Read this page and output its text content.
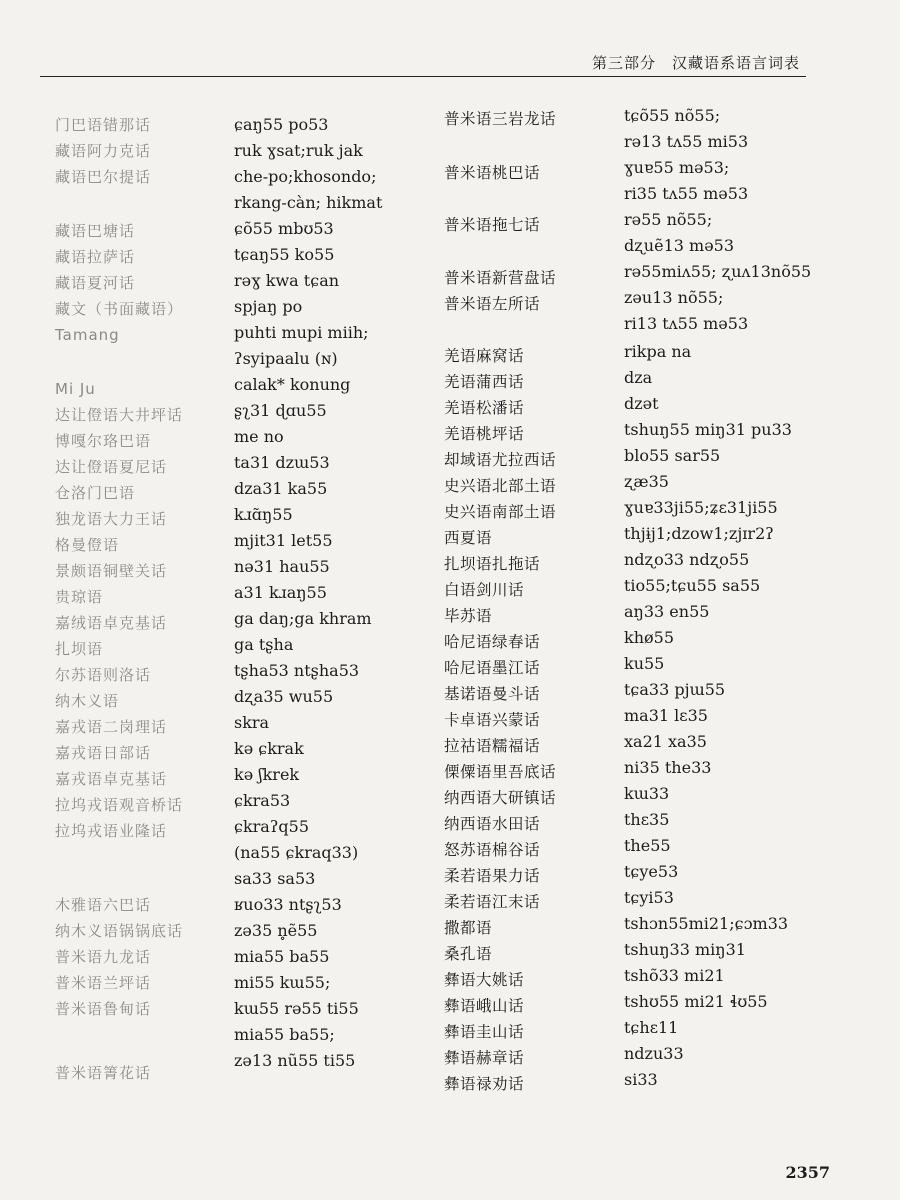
第三部分　汉藏语系语言词表
门巴语错那话
藏语阿力克话
藏语巴尔提话
藏语巴塘话
藏语拉萨话
藏语夏河话
藏文（书面藏语）
Tamang
Mi Ju
达让僜语大井坪话
博嘎尔珞巴语
达让僜语夏尼话
仓洛门巴语
独龙语大力王话
格曼僜语
景颇语铜壁关话
贵琼语
嘉绒语卓克基话
扎坝语
尔苏语则洛话
纳木义语
嘉戎语二岗理话
嘉戎语日部话
嘉戎语卓克基话
拉坞戎语观音桥话
拉坞戎语业隆话
木雅语六巴话
纳木义语锅锅底话
普米语九龙话
普米语兰坪话
普米语鲁甸话
普米语箐花话
ɕaŋ55 po53
ruk ɣsat;ruk jak
che-po;khosondo;
rkang-càn; hikmat
ɕõ55 mbʊ53
tɕaŋ55 ko55
rəɣ kwa tɕan
spjaŋ po
puhti mupi miih;
ʔsyipaalu (ɴ)
calak* konung
ʂʅ31 ɖɑu55
me no
ta31 dzɯ53
dza31 ka55
kɹɑ̃ŋ55
mjit31 let55
nə31 hau55
a31 kɹaŋ55
ga daŋ;ga khram
ga tʂha
tʂha53 ntʂha53
dʐa35 wu55
skra
kə ɕkrak
kə ʃkrek
ɕkra53
ɕkraʔq55
(na55 ɕkraq33)
sa33 sa53
ʁuo33 ntʂʅ53
zə35 n̥ẽ55
mia55 ba55
mi55 kɯ55;
kɯ55 rə55 ti55
mia55 ba55;
zə13 nũ55 ti55
普米语三岩龙话
普米语桃巴话
普米语拖七话
普米语新营盘话
普米语左所话
羌语麻窝话
羌语蒲西话
羌语松潘话
羌语桃坪话
却域语尤拉西话
史兴语北部土语
史兴语南部土语
西夏语
扎坝语扎拖话
白语剑川话
毕苏语
哈尼语绿春话
哈尼语墨江话
基诺语曼斗话
卡卓语兴蒙话
拉祜语糯福话
傈僳语里吾底话
纳西语大研镇话
纳西语水田话
怒苏语棉谷话
柔若语果力话
柔若语江末话
撒都语
桑孔语
彝语大姚话
彝语峨山话
彝语圭山话
彝语赫章话
彝语禄劝话
tɕõ55 nõ55;
rə13 tʌ55 mi53
ɣuɐ55 mə53;
ri35 tʌ55 mə53
rə55 nõ55;
dʐuẽ13 mə53
rə55miʌ55; ʐuʌ13nõ55
zəu13 nõ55;
ri13 tʌ55 mə53
rikpa na
dza
dzət
tshuŋ55 miŋ31 pu33
blo55 sar55
ʐæ35
ɣuɐ33ji55;ʑɛ31ji55
thjɨj1;dzow1;zjɪr2ʔ
ndʐo33 ndʐo55
tio55;tɕu55 sa55
aŋ33 en55
khø55
ku55
tɕa33 pjɯ55
ma31 lɛ35
xa21 xa35
ni35 the33
kɯ33
thɛ35
the55
tɕye53
tɕyi53
tshɔn55mi21;ɕɔm33
tshuŋ33 miŋ31
tshõ33 mi21
tshʊ55 mi21 ɬʊ55
tɕhɛ11
ndzu33
si33
2357
